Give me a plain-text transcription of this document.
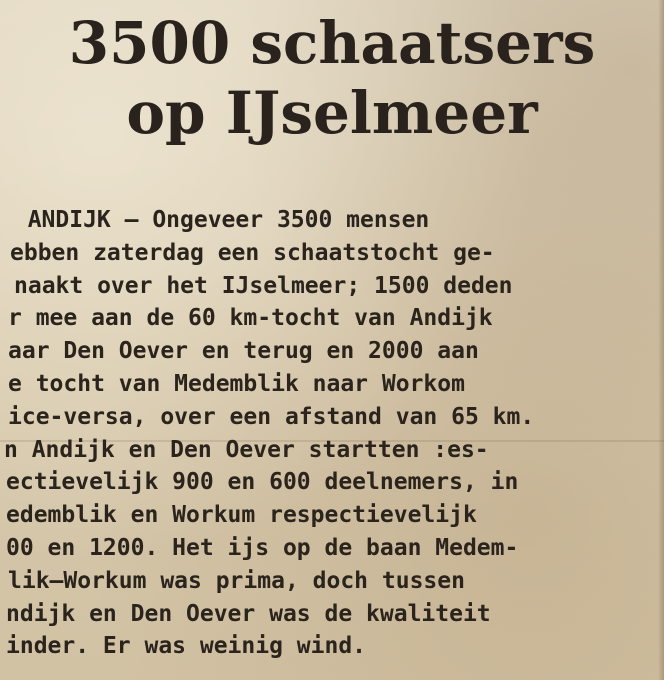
3500 schaatsers
op IJselmeer
ANDIJK — Ongeveer 3500 mensen
ebben zaterdag een schaatstocht ge-
naakt over het IJselmeer; 1500 deden
r mee aan de 60 km-tocht van Andijk
aar Den Oever en terug en 2000 aan
e tocht van Medemblik naar Workom
ice-versa, over een afstand van 65 km.
n Andijk en Den Oever startten :es-
ectievelijk 900 en 600 deelnemers, in
edemblik en Workum respectievelijk
00 en 1200. Het ijs op de baan Medem-
lik—Workum was prima, doch tussen
ndijk en Den Oever was de kwaliteit
inder. Er was weinig wind.
